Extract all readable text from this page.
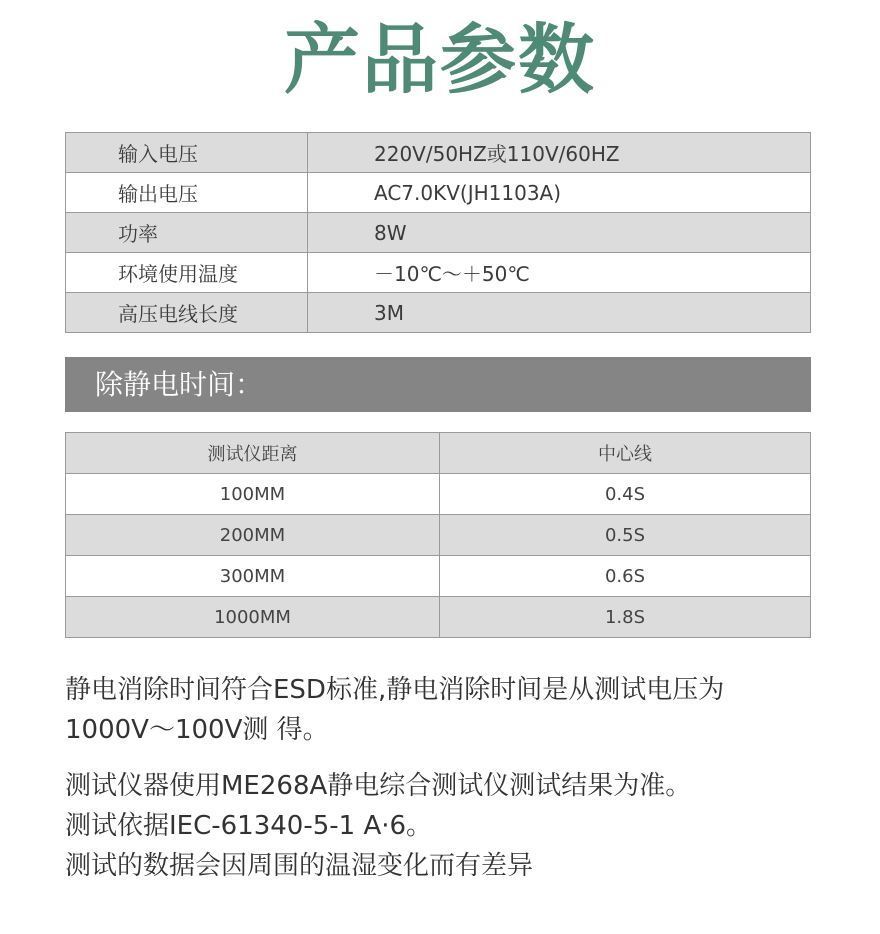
产品参数
输入电压	220V/50HZ或110V/60HZ
输出电压	AC7.0KV(JH1103A)
功率	8W
环境使用温度	－10℃～＋50℃
高压电线长度	3M
除静电时间：
测试仪距离	中心线
100MM	0.4S
200MM	0.5S
300MM	0.6S
1000MM	1.8S

静电消除时间符合ESD标准,静电消除时间是从测试电压为

1000V～100V测 得。

测试仪器使用ME268A静电综合测试仪测试结果为准。

测试依据IEC-61340-5-1 A·6。

测试的数据会因周围的温湿变化而有差异
